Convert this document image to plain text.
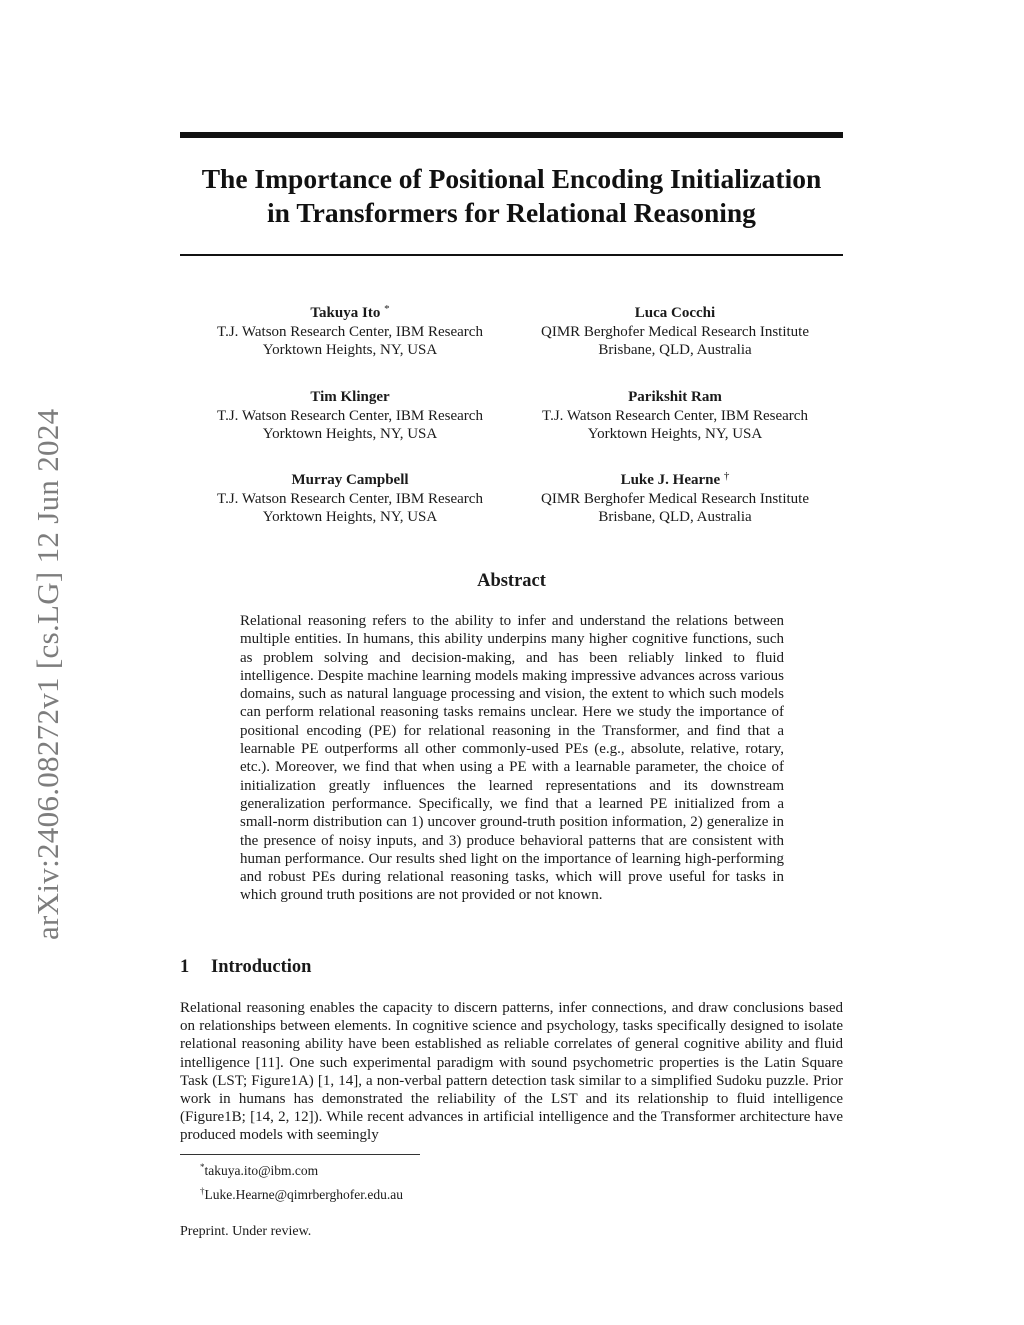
arXiv:2406.08272v1 [cs.LG] 12 Jun 2024
The Importance of Positional Encoding Initialization
in Transformers for Relational Reasoning
Takuya Ito *
T.J. Watson Research Center, IBM Research
Yorktown Heights, NY, USA
Luca Cocchi
QIMR Berghofer Medical Research Institute
Brisbane, QLD, Australia
Tim Klinger
T.J. Watson Research Center, IBM Research
Yorktown Heights, NY, USA
Parikshit Ram
T.J. Watson Research Center, IBM Research
Yorktown Heights, NY, USA
Murray Campbell
T.J. Watson Research Center, IBM Research
Yorktown Heights, NY, USA
Luke J. Hearne †
QIMR Berghofer Medical Research Institute
Brisbane, QLD, Australia
Abstract
Relational reasoning refers to the ability to infer and understand the relations between multiple entities. In humans, this ability underpins many higher cognitive functions, such as problem solving and decision-making, and has been reliably linked to fluid intelligence. Despite machine learning models making impressive advances across various domains, such as natural language processing and vision, the extent to which such models can perform relational reasoning tasks remains unclear. Here we study the importance of positional encoding (PE) for relational reasoning in the Transformer, and find that a learnable PE outperforms all other commonly-used PEs (e.g., absolute, relative, rotary, etc.). Moreover, we find that when using a PE with a learnable parameter, the choice of initialization greatly influences the learned representations and its downstream generalization performance. Specifically, we find that a learned PE initialized from a small-norm distribution can 1) uncover ground-truth position information, 2) generalize in the presence of noisy inputs, and 3) produce behavioral patterns that are consistent with human performance. Our results shed light on the importance of learning high-performing and robust PEs during relational reasoning tasks, which will prove useful for tasks in which ground truth positions are not provided or not known.
1 Introduction
Relational reasoning enables the capacity to discern patterns, infer connections, and draw conclusions based on relationships between elements. In cognitive science and psychology, tasks specifically designed to isolate relational reasoning ability have been established as reliable correlates of general cognitive ability and fluid intelligence [11]. One such experimental paradigm with sound psychometric properties is the Latin Square Task (LST; Figure1A) [1, 14], a non-verbal pattern detection task similar to a simplified Sudoku puzzle. Prior work in humans has demonstrated the reliability of the LST and its relationship to fluid intelligence (Figure1B; [14, 2, 12]). While recent advances in artificial intelligence and the Transformer architecture have produced models with seemingly
*takuya.ito@ibm.com
†Luke.Hearne@qimrberghofer.edu.au
Preprint. Under review.
